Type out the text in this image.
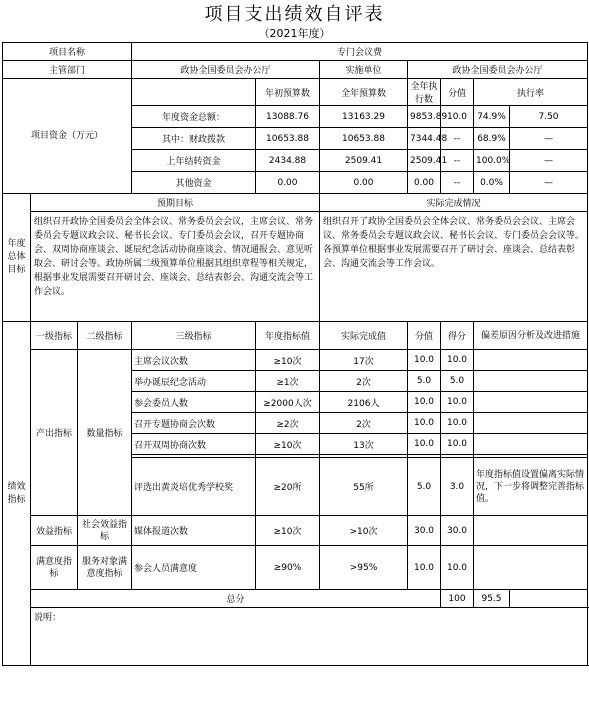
项目支出绩效自评表
（2021年度）
项目名称			专门会议费						
主管部门			政协全国委员会办公厅		实施单位	政协全国委员会办公厅			
项目资金（万元）				年初预算数	全年预算数	全年执行数	分值	执行率	
			年度资金总额：	13088.76	13163.29	9853.89	10.0	74.9%	7.50
			其中：财政拨款	10653.88	10653.88	7344.48	--	68.9%	—
			上年结转资金	2434.88	2509.41	2509.41	--	100.0%	—
			其他资金	0.00	0.00	0.00	--	0.0%	—
年度总体目标	预期目标				实际完成情况				
	组织召开政协全国委员会全体会议、常务委员会会议，主席会议、常务委员会专题议政会议、秘书长会议、专门委员会会议，召开专题协商会、双周协商座谈会、诞辰纪念活动协商座谈会、情况通报会、意见听取会、研讨会等。政协所属二级预算单位根据其组织章程等相关规定，根据事业发展需要召开研讨会、座谈会、总结表彰会、沟通交流会等工作会议。				组织召开了政协全国委员会全体会议、常务委员会会议、主席会议、常务委员会专题议政会议、秘书长会议、专门委员会会议等。各预算单位根据事业发展需要召开了研讨会、座谈会、总结表彰会、沟通交流会等工作会议。				
绩效指标	一级指标	二级指标	三级指标	年度指标值	实际完成值	分值	得分	偏差原因分析及改进措施	
	产出指标	数量指标	主席会议次数	≥10次	17次	10.0	10.0		
			举办诞辰纪念活动	≥1次	2次	5.0	5.0		
			参会委员人数	≥2000人次	2106人	10.0	10.0		
			召开专题协商会次数	≥2次	2次	10.0	10.0		
			召开双周协商次数	≥10次	13次	10.0	10.0		

			评选出黄炎培优秀学校奖	≥20所	55所	5.0	3.0	年度指标值设置偏离实际情况，下一步将调整完善指标值。	
	效益指标	社会效益指标	媒体报道次数	≥10次	>10次	30.0	30.0		
	满意度指标	服务对象满意度指标	参会人员满意度	≥90%	>95%	10.0	10.0		
	总分						100	95.5	
	说明：								
